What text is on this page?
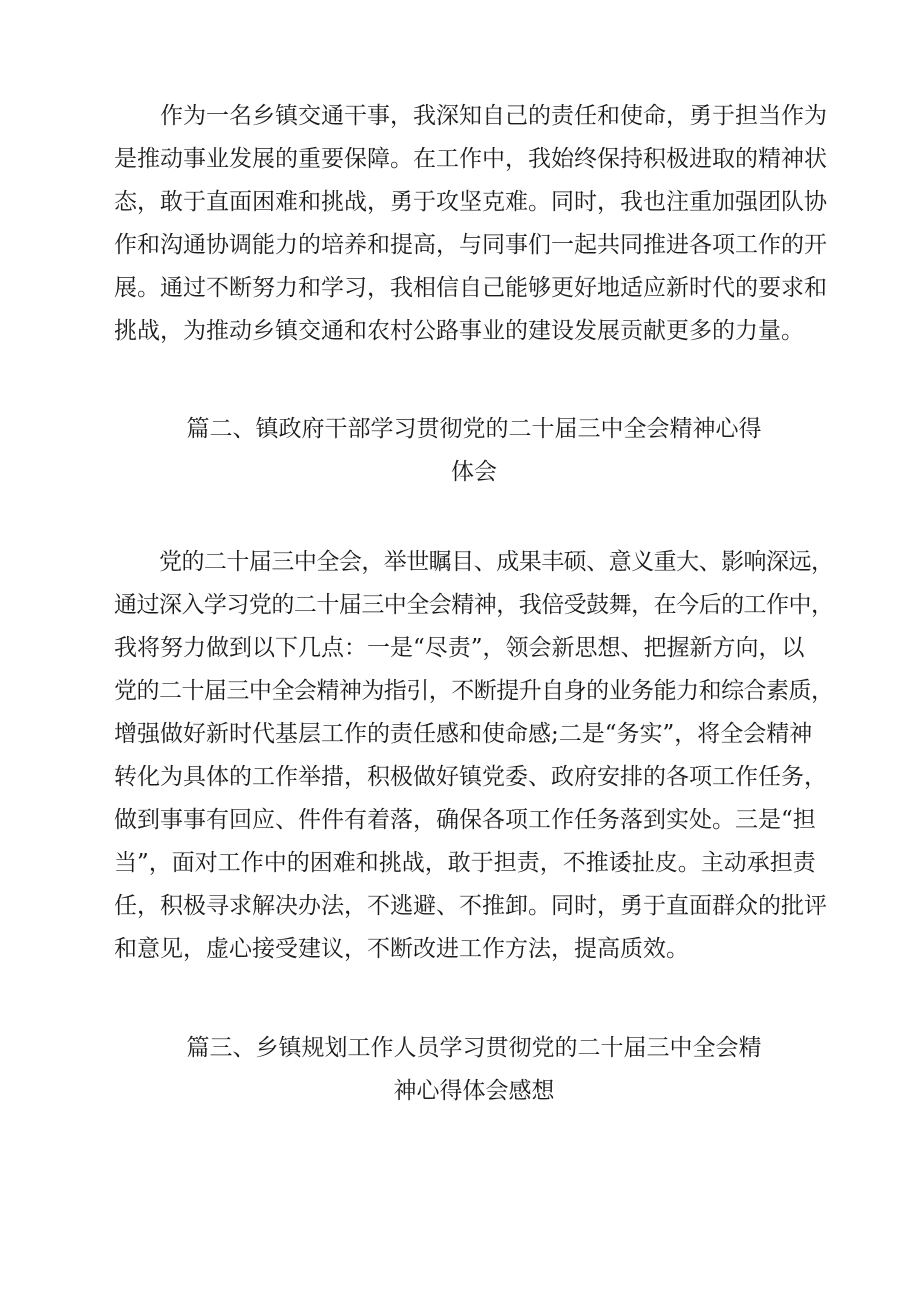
　　作为一名乡镇交通干事，我深知自己的责任和使命，勇于担当作为
是推动事业发展的重要保障。在工作中，我始终保持积极进取的精神状
态，敢于直面困难和挑战，勇于攻坚克难。同时，我也注重加强团队协
作和沟通协调能力的培养和提高，与同事们一起共同推进各项工作的开
展。通过不断努力和学习，我相信自己能够更好地适应新时代的要求和
挑战，为推动乡镇交通和农村公路事业的建设发展贡献更多的力量。
篇二、镇政府干部学习贯彻党的二十届三中全会精神心得
体会
　　党的二十届三中全会，举世瞩目、成果丰硕、意义重大、影响深远，
通过深入学习党的二十届三中全会精神，我倍受鼓舞，在今后的工作中，
我将努力做到以下几点：一是“尽责”，领会新思想、把握新方向，以
党的二十届三中全会精神为指引，不断提升自身的业务能力和综合素质，
增强做好新时代基层工作的责任感和使命感;二是“务实”，将全会精神
转化为具体的工作举措，积极做好镇党委、政府安排的各项工作任务，
做到事事有回应、件件有着落，确保各项工作任务落到实处。三是“担
当”，面对工作中的困难和挑战，敢于担责，不推诿扯皮。主动承担责
任，积极寻求解决办法，不逃避、不推卸。同时，勇于直面群众的批评
和意见，虚心接受建议，不断改进工作方法，提高质效。
篇三、乡镇规划工作人员学习贯彻党的二十届三中全会精
神心得体会感想
